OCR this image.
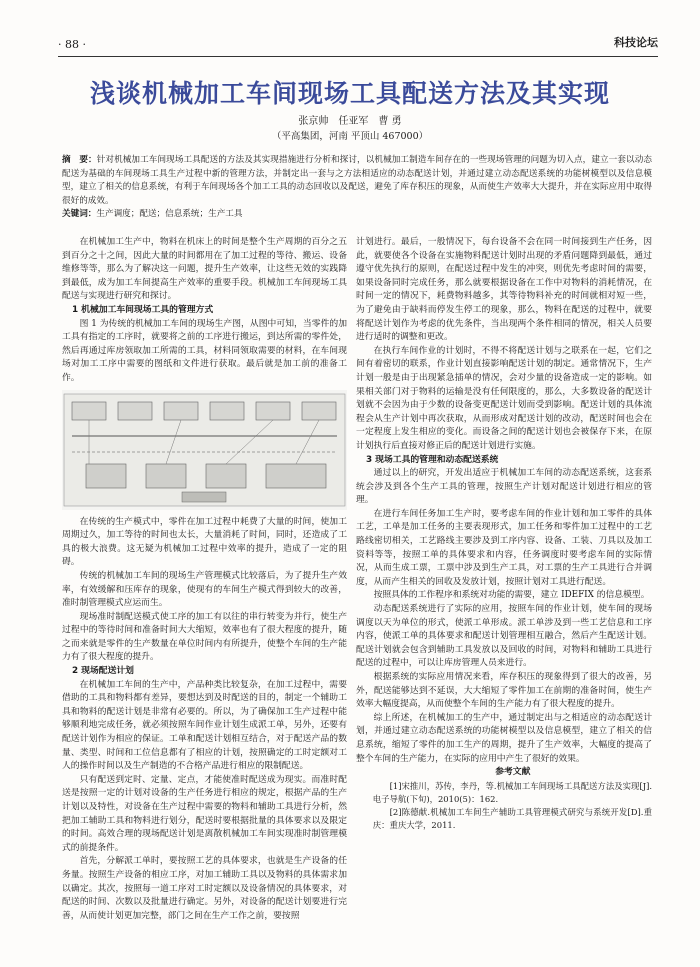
· 88 ·	科技论坛
浅谈机械加工车间现场工具配送方法及其实现
张京帅　任亚军　曹 勇
（平高集团，河南 平顶山 467000）
摘　要：针对机械加工车间现场工具配送的方法及其实现措施进行分析和探讨，以机械加工制造车间存在的一些现场管理的问题为切入点，建立一套以动态配送为基础的车间现场工具生产过程中新的管理方法，并制定出一套与之方法相适应的动态配送计划，并通过建立动态配送系统的功能树模型以及信息模型，建立了相关的信息系统，有利于车间现场各个加工工具的动态回收以及配送，避免了库存积压的现象，从而使生产效率大大提升，并在实际应用中取得很好的成效。
关键词：生产调度；配送；信息系统；生产工具

在机械加工生产中，物料在机床上的时间是整个生产周期的百分之五到百分之十之间，因此大量的时间都用在了加工过程的等待、搬运、设备维修等等，那么为了解决这一问题，提升生产效率，让这些无效的实践降到最低，成为加工车间提高生产效率的重要手段。机械加工车间现场工具配送与实现进行研究和探讨。

1 机械加工车间现场工具的管理方式

图 1 为传统的机械加工车间的现场生产图，从图中可知，当零件的加工具有指定的工序时，就要将之前的工序进行搬运，到达所需的零件处，然后再通过库房领取加工所需的工具，材料同领取需要的材料，在车间现场对加工工序中需要的图纸和文件进行获取。最后就是加工前的准备工作。

在传统的生产模式中，零件在加工过程中耗费了大量的时间，使加工周期过久，加工等待的时间也太长，大量消耗了时间，同时，还造成了工具的极大浪费。这无疑为机械加工过程中效率的提升，造成了一定的阻碍。

传统的机械加工车间的现场生产管理模式比较落后，为了提升生产效率，有效缓解和压库存的现象，使现有的车间生产模式得到较大的改善，准时制管理模式应运而生。

现场准时制配送模式使工序的加工有以往的串行转变为并行，使生产过程中的等待时间和准备时间大大缩短，效率也有了很大程度的提升，随之而来就是零件的生产数量在单位时间内有所提升，使整个车间的生产能力有了很大程度的提升。

2 现场配送计划

在机械加工车间的生产中，产品种类比较复杂，在加工过程中，需要借助的工具和物料都有差异，要想达到及时配送的目的，制定一个辅助工具和物料的配送计划是非常有必要的。所以，为了确保加工生产过程中能够顺利地完成任务，就必须按照车间作业计划生成派工单，另外，还要有配送计划作为相应的保证。工单和配送计划相互结合，对于配送产品的数量、类型、时间和工位信息都有了相应的计划，按照确定的工时定额对工人的操作时间以及生产制造的不合格产品进行相应的限制配送。

只有配送到定时、定量、定点，才能使准时配送成为现实。而准时配送是按照一定的计划对设备的生产任务进行相应的规定，根据产品的生产计划以及特性，对设备在生产过程中需要的物料和辅助工具进行分析，然把加工辅助工具和物料进行划分，配送时要根据批量的具体要求以及限定的时间。高效合理的现场配送计划是离散机械加工车间实现准时制管理模式的前提条件。

首先，分解派工单时，要按照工艺的具体要求，也就是生产设备的任务量。按照生产设备的相应工序，对加工辅助工具以及物料的具体需求加以确定。其次，按照每一道工序对工时定额以及设备情况的具体要求，对配送的时间、次数以及批量进行确定。另外，对设备的配送计划要进行完善，从而使计划更加完整，部门之间在生产工作之前，要按照

计划进行。最后，一般情况下，每台设备不会在同一时间接到生产任务，因此，就要使各个设备在实施物料配送计划时出现的矛盾问题降到最低，通过遵守优先执行的原则，在配送过程中发生的冲突，则优先考虑时间的需要，如果设备同时完成任务，那么就要根据设备在工作中对物料的消耗情况，在时间一定的情况下，耗费物料越多，其等待物料补充的时间就相对短一些，为了避免由于缺料而停发生停工的现象，那么，物料在配送的过程中，就要将配送计划作为考虑的优先条件，当出现两个条件相同的情况，相关人员要进行适时的调整和更改。

在执行车间作业的计划时，不得不将配送计划与之联系在一起，它们之间有着密切的联系，作业计划直接影响配送计划的制定。通常情况下，生产计划一般是由于出现紧急插单的情况，会对少量的设备造成一定的影响。如果相关部门对于物料的运输是没有任何限度的，那么，大多数设备的配送计划就不会因为由于少数的设备变更配送计划而受到影响。配送计划的具体流程会从生产计划中再次获取，从而形成对配送计划的改动，配送时间也会在一定程度上发生相应的变化。而设备之间的配送计划也会被保存下来，在原计划执行后直接对修正后的配送计划进行实施。

3 现场工具的管理和动态配送系统

通过以上的研究，开发出适应于机械加工车间的动态配送系统，这套系统会涉及到各个生产工具的管理，按照生产计划对配送计划进行相应的管理。

在进行车间任务加工生产时，要考虑车间的作业计划和加工零件的具体工艺，工单是加工任务的主要表现形式，加工任务和零件加工过程中的工艺路线密切相关，工艺路线主要涉及到工序内容、设备、工装、刀具以及加工资料等等，按照工单的具体要求和内容，任务调度时要考虑车间的实际情况，从而生成工票，工票中涉及到生产工具，对工票的生产工具进行合并调度，从而产生相关的回收及发放计划，按照计划对工具进行配送。

按照具体的工作程序和系统对功能的需要，建立 IDEFIX 的信息模型。

动态配送系统进行了实际的应用，按照车间的作业计划，使车间的现场调度以天为单位的形式，使派工单形成。派工单涉及到一些工艺信息和工序内容，使派工单的具体要求和配送计划管理相互融合，然后产生配送计划。配送计划就会包含到辅助工具发放以及回收的时间，对物料和辅助工具进行配送的过程中，可以让库房管理人员来进行。

根据系统的实际应用情况来看，库存积压的现象得到了很大的改善，另外，配送能够达到不延误，大大缩短了零件加工在前期的准备时间，使生产效率大幅度提高，从而使整个车间的生产能力有了很大程度的提升。

综上所述，在机械加工的生产中，通过制定出与之相适应的动态配送计划，并通过建立动态配送系统的功能树模型以及信息模型，建立了相关的信息系统，缩短了零件的加工生产的周期，提升了生产效率，大幅度的提高了整个车间的生产能力，在实际的应用中产生了很好的效果。

参考文献

[1]宋推川，苏传，李丹，等.机械加工车间现场工具配送方法及实现[J].电子导航(下旬)，2010(5)：162.

[2]陈德献.机械加工车间生产辅助工具管理模式研究与系统开发[D].重庆：重庆大学，2011.
